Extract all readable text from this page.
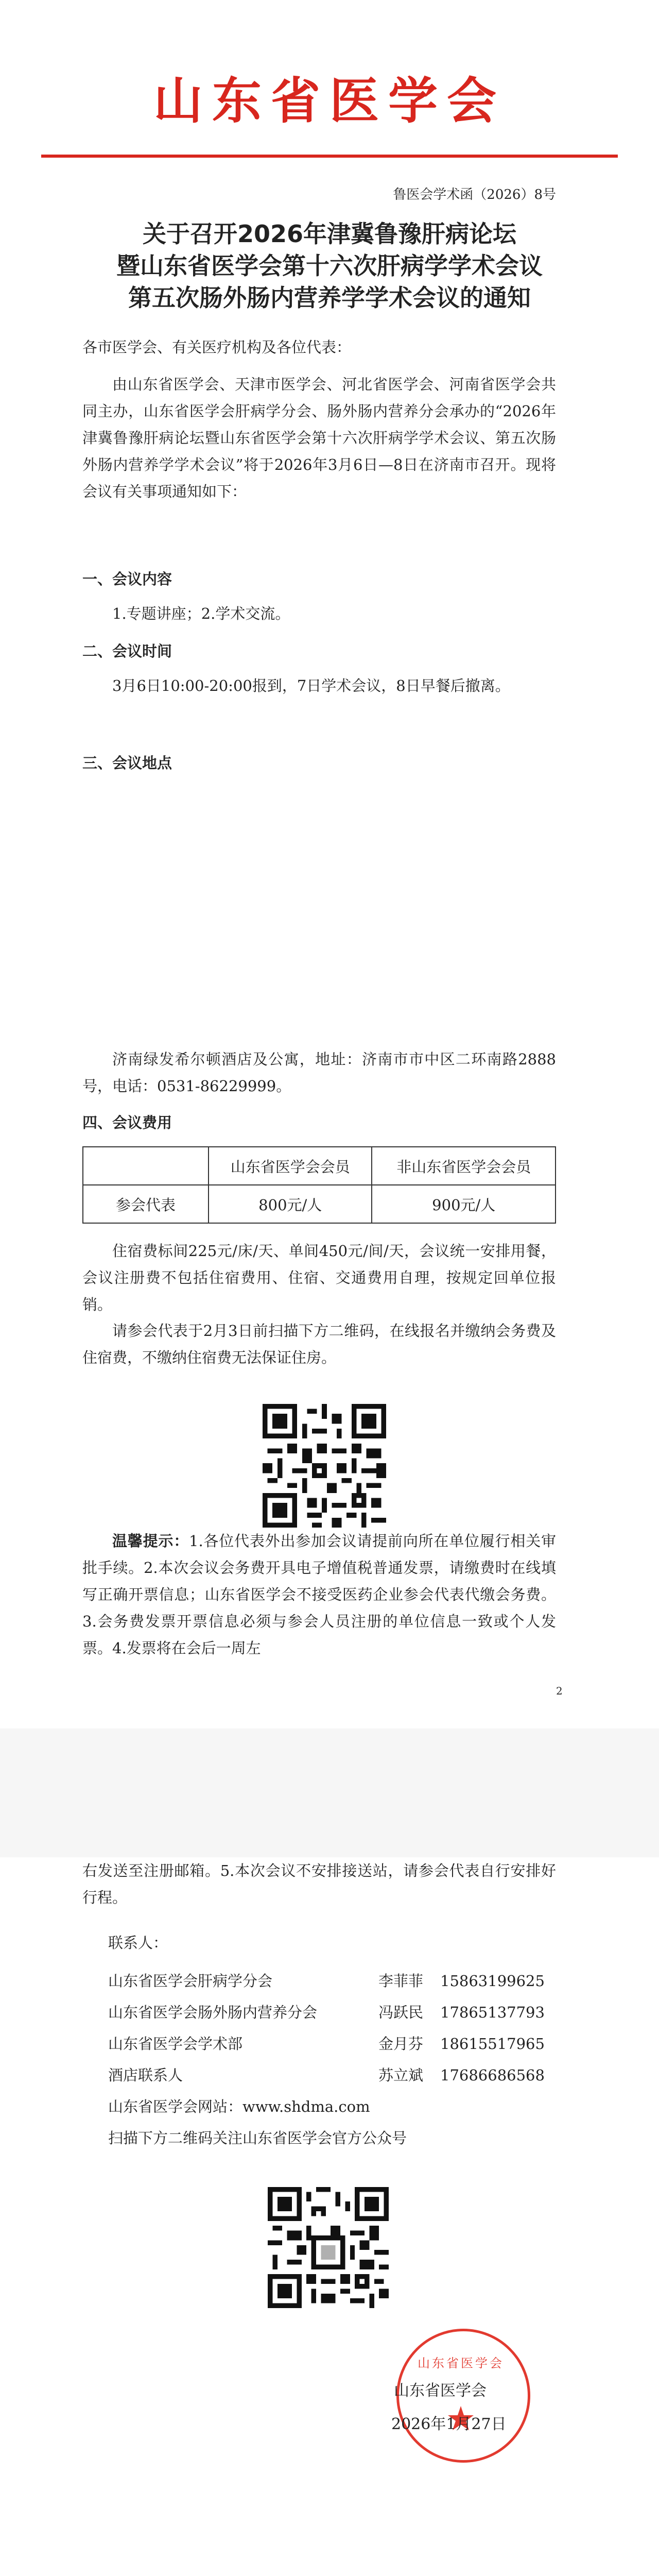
山东省医学会
鲁医会学术函（2026）8号
关于召开2026年津冀鲁豫肝病论坛
暨山东省医学会第十六次肝病学学术会议
第五次肠外肠内营养学学术会议的通知
各市医学会、有关医疗机构及各位代表：
由山东省医学会、天津市医学会、河北省医学会、河南省医学会共同主办，山东省医学会肝病学分会、肠外肠内营养分会承办的“2026年津冀鲁豫肝病论坛暨山东省医学会第十六次肝病学学术会议、第五次肠外肠内营养学学术会议”将于2026年3月6日—8日在济南市召开。现将会议有关事项通知如下：
一、会议内容
1.专题讲座；2.学术交流。
二、会议时间
3月6日10:00-20:00报到，7日学术会议，8日早餐后撤离。
三、会议地点
济南绿发希尔顿酒店及公寓，地址：济南市市中区二环南路2888号，电话：0531-86229999。
四、会议费用
	山东省医学会会员	非山东省医学会会员
参会代表	800元/人	900元/人
住宿费标间225元/床/天、单间450元/间/天，会议统一安排用餐，会议注册费不包括住宿费用、住宿、交通费用自理，按规定回单位报销。
请参会代表于2月3日前扫描下方二维码，在线报名并缴纳会务费及住宿费，不缴纳住宿费无法保证住房。
温馨提示：1.各位代表外出参加会议请提前向所在单位履行相关审批手续。2.本次会议会务费开具电子增值税普通发票，请缴费时在线填写正确开票信息；山东省医学会不接受医药企业参会代表代缴会务费。3.会务费发票开票信息必须与参会人员注册的单位信息一致或个人发票。4.发票将在会后一周左
2
右发送至注册邮箱。5.本次会议不安排接送站，请参会代表自行安排好行程。
联系人：
山东省医学会肝病学分会	李菲菲	15863199625
山东省医学会肠外肠内营养分会	冯跃民	17865137793
山东省医学会学术部	金月芬	18615517965
酒店联系人	苏立斌	17686686568
山东省医学会网站：www.shdma.com
扫描下方二维码关注山东省医学会官方公众号
山东省医学会
山东省医学会
2026年1月27日
